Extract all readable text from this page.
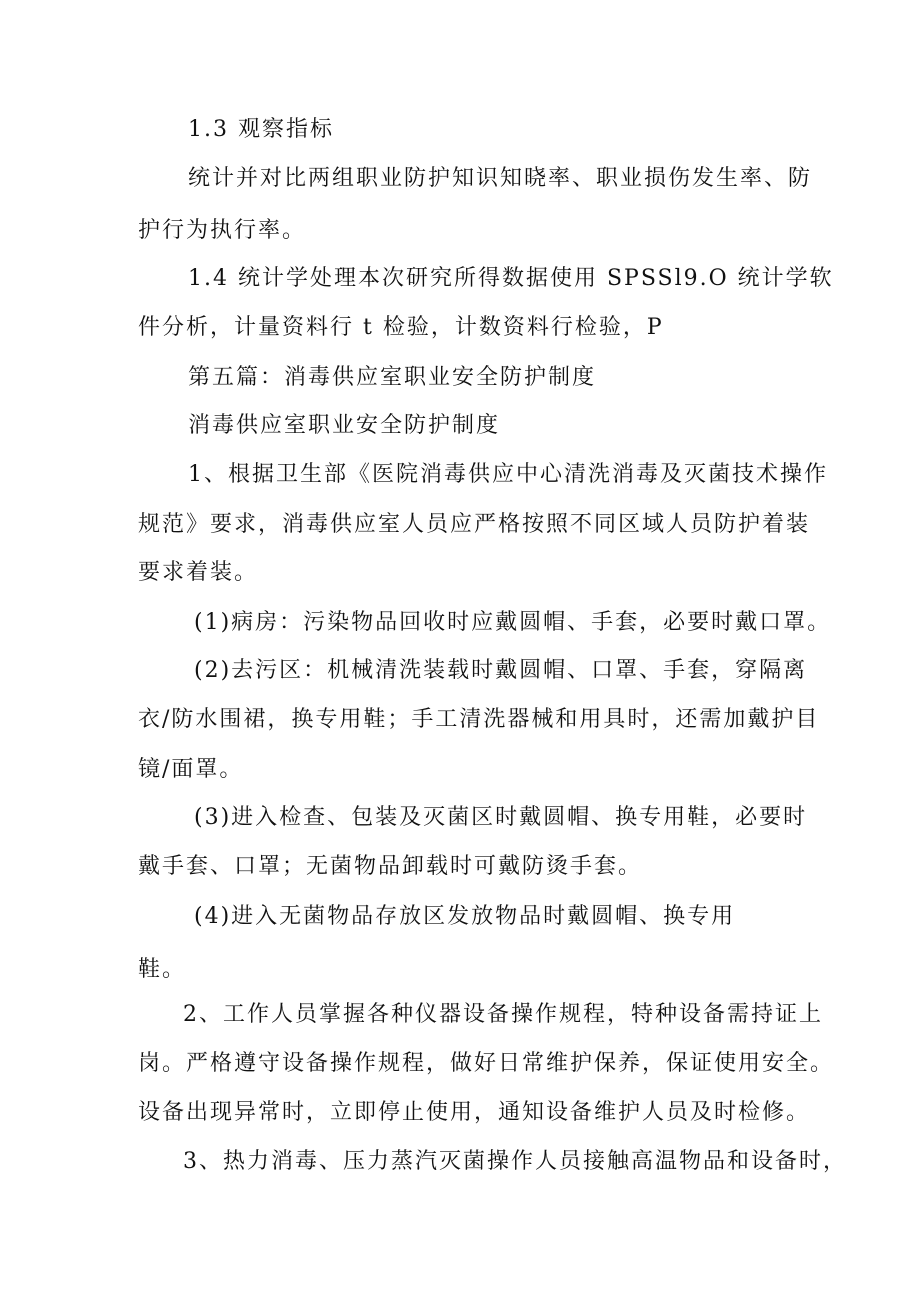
1.3 观察指标
统计并对比两组职业防护知识知晓率、职业损伤发生率、防
护行为执行率。
1.4 统计学处理本次研究所得数据使用 SPSSl9.O 统计学软
件分析，计量资料行 t 检验，计数资料行检验，P
第五篇：消毒供应室职业安全防护制度
消毒供应室职业安全防护制度
1、根据卫生部《医院消毒供应中心清洗消毒及灭菌技术操作
规范》要求，消毒供应室人员应严格按照不同区域人员防护着装
要求着装。
(1)病房：污染物品回收时应戴圆帽、手套，必要时戴口罩。
(2)去污区：机械清洗装载时戴圆帽、口罩、手套，穿隔离
衣/防水围裙，换专用鞋；手工清洗器械和用具时，还需加戴护目
镜/面罩。
(3)进入检查、包装及灭菌区时戴圆帽、换专用鞋，必要时
戴手套、口罩；无菌物品卸载时可戴防烫手套。
(4)进入无菌物品存放区发放物品时戴圆帽、换专用
鞋。
2、工作人员掌握各种仪器设备操作规程，特种设备需持证上
岗。严格遵守设备操作规程，做好日常维护保养，保证使用安全。
设备出现异常时，立即停止使用，通知设备维护人员及时检修。
3、热力消毒、压力蒸汽灭菌操作人员接触高温物品和设备时，
